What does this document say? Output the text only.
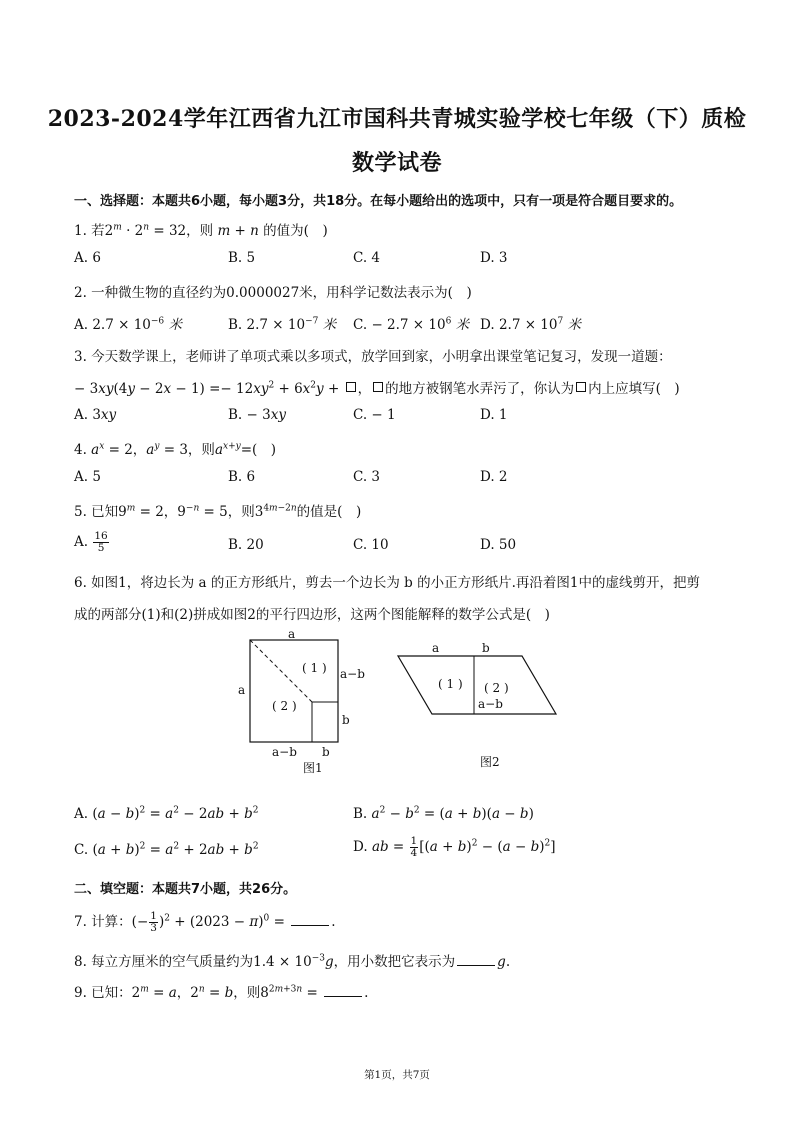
2023-2024学年江西省九江市国科共青城实验学校七年级（下）质检
数学试卷
一、选择题：本题共6小题，每小题3分，共18分。在每小题给出的选项中，只有一项是符合题目要求的。
1. 若$2^m \cdot 2^n = 32$，则 m + n 的值为(　)
A. 6	B. 5	C. 4	D. 3
2. 一种微生物的直径约为0.0000027米，用科学记数法表示为(　)
A. $2.7 \times 10^{-6}$ 米	B. $2.7 \times 10^{-7}$ 米 C. − $2.7 \times 10^6$ 米 D. $2.7 \times 10^7$ 米
3. 今天数学课上，老师讲了单项式乘以多项式，放学回到家，小明拿出课堂笔记复习，发现一道题：
− $3xy(4y - 2x - 1) =- 12xy^2 + 6x^2y$ + ， 的地方被钢笔水弄污了，你认为 内上应填写(　)
A. 3xy	B. − 3xy	C. − 1	D. 1
4. $a^x = 2$，$a^y = 3$，则$a^{x+y}=$(　)
A. 5	B. 6	C. 3	D. 2
5. 已知$9^m = 2$，$9^{-n} = 5$，则$3^{4m-2n}$的值是(　)
A. $\frac{16}{5}$	B. 20	C. 10	D. 50
6. 如图1，将边长为 a 的正方形纸片，剪去一个边长为 b 的小正方形纸片.再沿着图1中的虚线剪开，把剪
成的两部分(1)和(2)拼成如图2的平行四边形，这两个图能解释的数学公式是(　)
a
( 1 )
( 2 )
a
a−b
b
a−b b
图1
a	b
( 1 ) ( 2 )
a−b
图2
A. $(a - b)^2 = a^2 - 2ab + b^2$	B. $a^2 - b^2 = (a + b)(a - b)$
C. $(a + b)^2 = a^2 + 2ab + b^2$	D. ab = $\frac{1}{4} [(a + b)^2 - (a - b)^2]$
二、填空题：本题共7小题，共26分。
7. 计算：(− $\frac{1}{3} )^2 + (2023 - \pi)^0$ =	.
8. 每立方厘米的空气质量约为$1.4 \times 10^{-3}g$，用小数把它表示为	g.
9. 已知：$2^m = a$，$2^n = b$，则$8^{2m+3n}$ =	.
第1页，共7页
